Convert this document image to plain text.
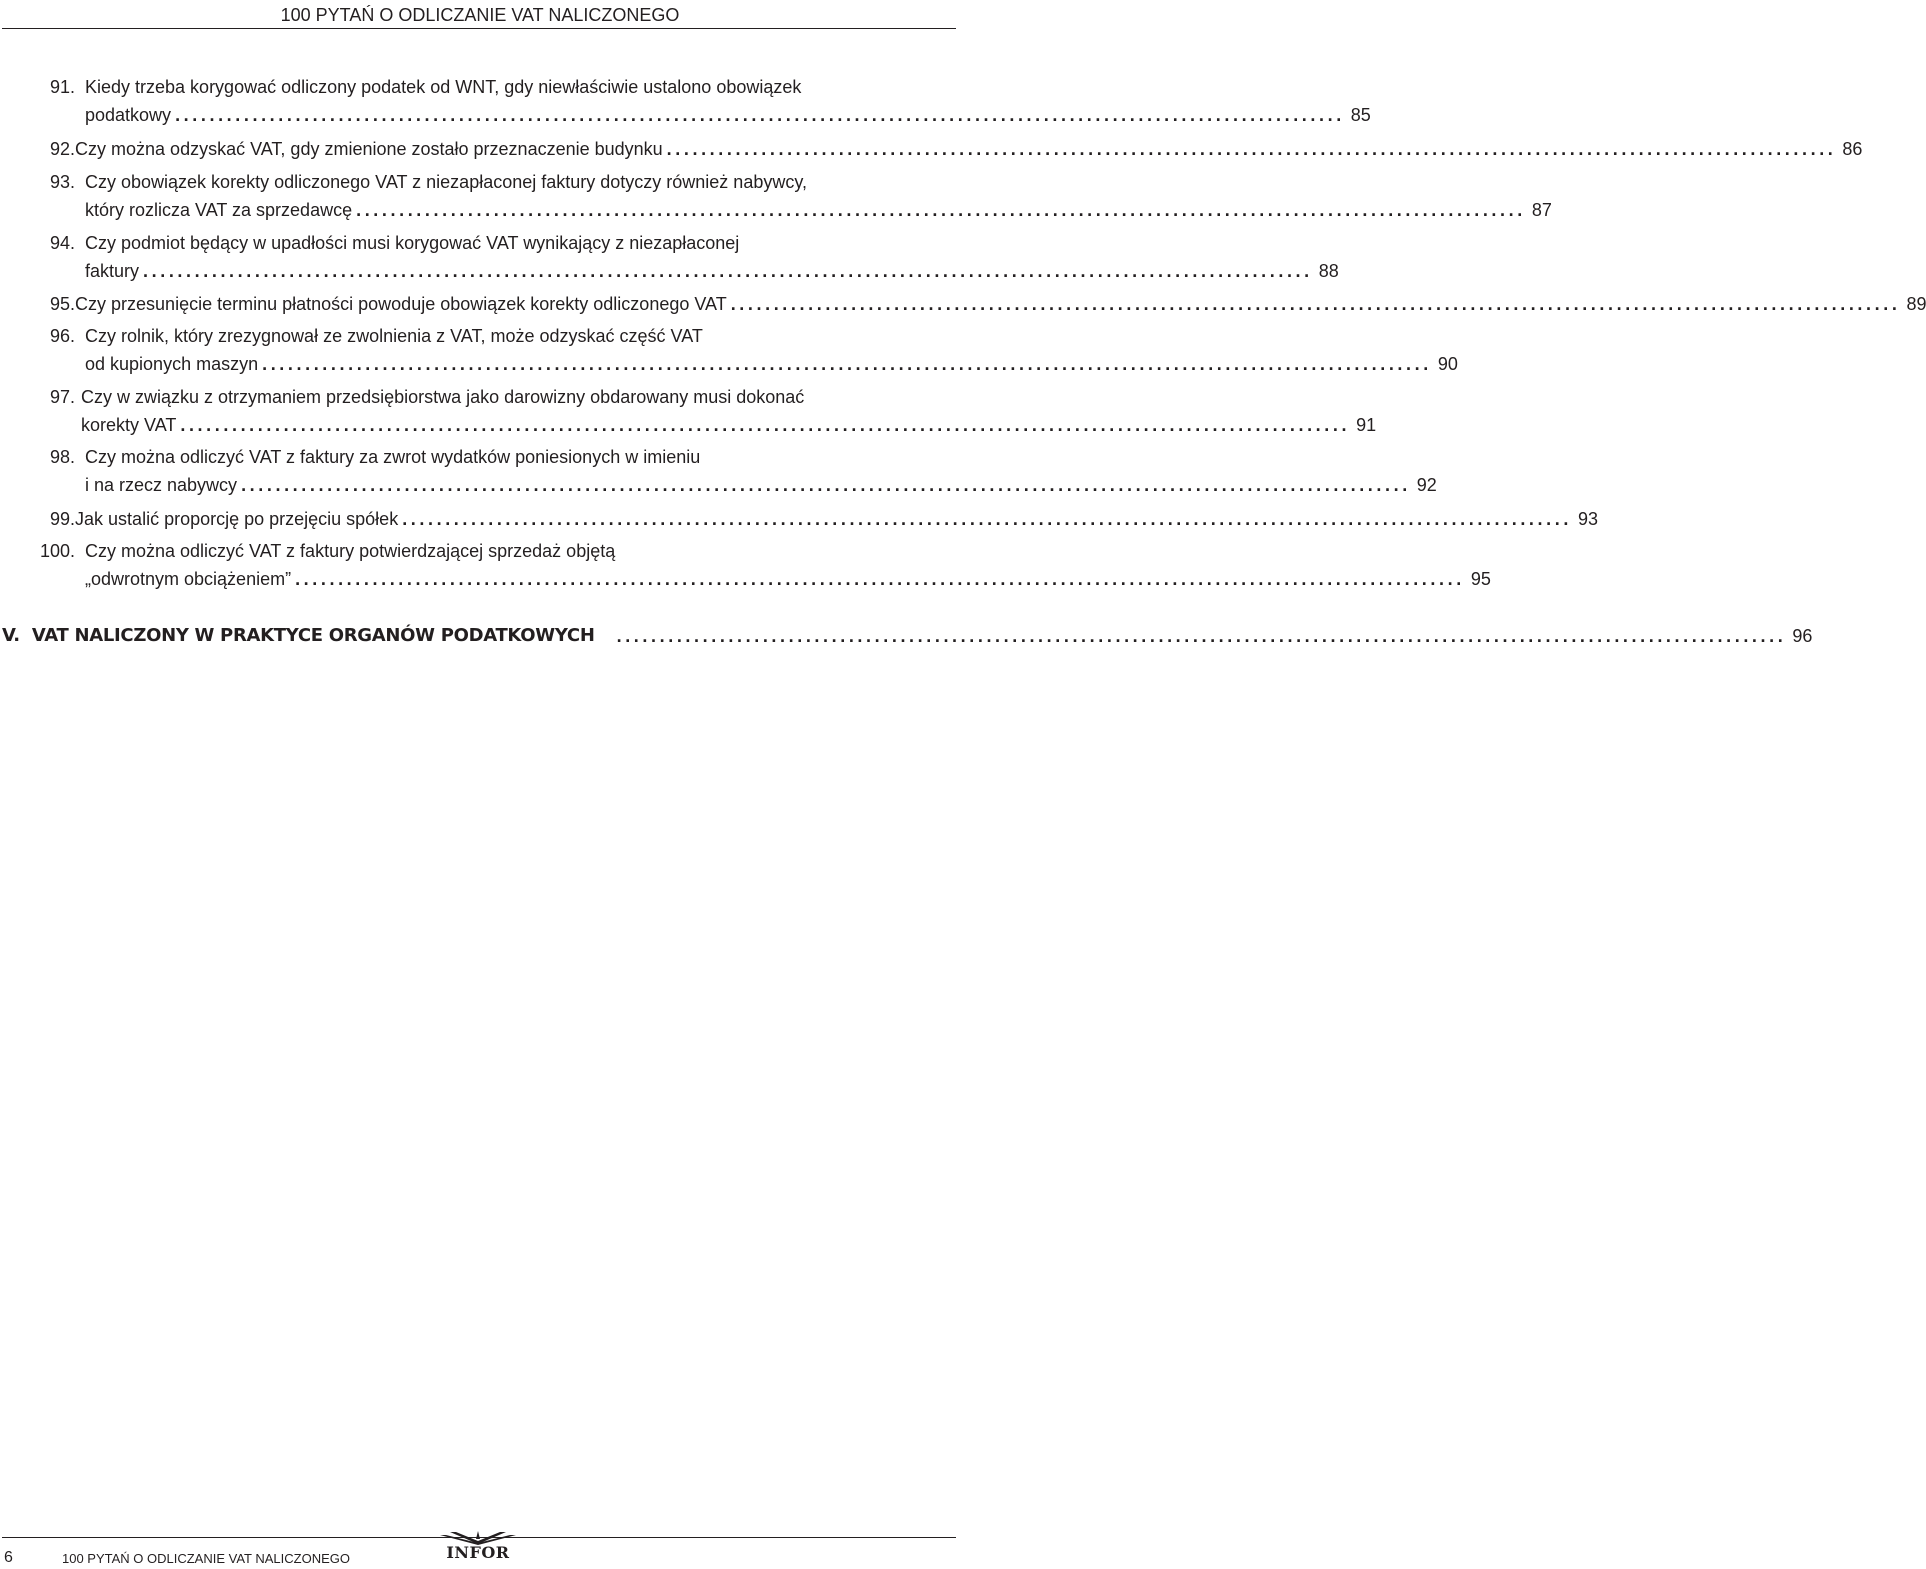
100 PYTAŃ O ODLICZANIE VAT NALICZONEGO
91. Kiedy trzeba korygować odliczony podatek od WNT, gdy niewłaściwie ustalono obowiązek
podatkowy ........................................................................................................................................ 85
92. Czy można odzyskać VAT, gdy zmienione zostało przeznaczenie budynku ........................................................................................................................................ 86
93. Czy obowiązek korekty odliczonego VAT z niezapłaconej faktury dotyczy również nabywcy,
który rozlicza VAT za sprzedawcę ........................................................................................................................................ 87
94. Czy podmiot będący w upadłości musi korygować VAT wynikający z niezapłaconej
faktury ........................................................................................................................................ 88
95. Czy przesunięcie terminu płatności powoduje obowiązek korekty odliczonego VAT ........................................................................................................................................ 89
96. Czy rolnik, który zrezygnował ze zwolnienia z VAT, może odzyskać część VAT
od kupionych maszyn ........................................................................................................................................ 90
97. Czy w związku z otrzymaniem przedsiębiorstwa jako darowizny obdarowany musi dokonać
korekty VAT ........................................................................................................................................ 91
98. Czy można odliczyć VAT z faktury za zwrot wydatków poniesionych w imieniu
i na rzecz nabywcy ........................................................................................................................................ 92
99. Jak ustalić proporcję po przejęciu spółek ........................................................................................................................................ 93
100. Czy można odliczyć VAT z faktury potwierdzającej sprzedaż objętą
„odwrotnym obciążeniem” ........................................................................................................................................ 95
V. VAT NALICZONY W PRAKTYCE ORGANÓW PODATKOWYCH ........................................................................................................................................ 96
6	100 PYTAŃ O ODLICZANIE VAT NALICZONEGO	INFOR
